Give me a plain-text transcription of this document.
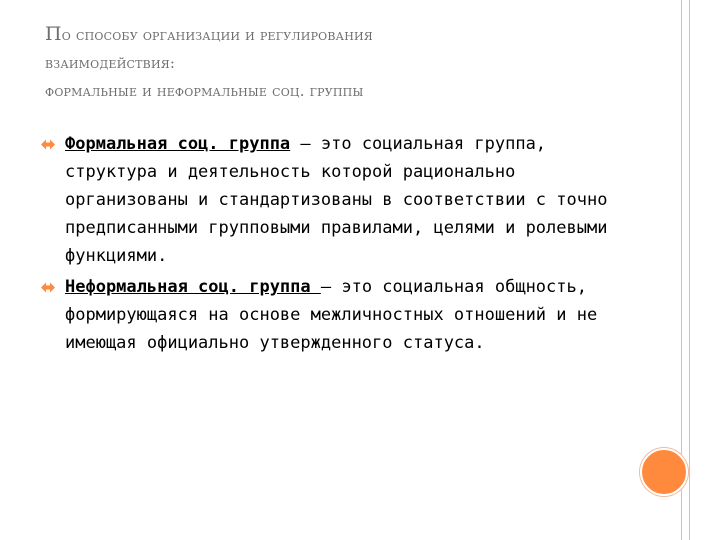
По способу организации и регулирования
взаимодействия:
формальные и неформальные соц. группы
Формальная соц. группа – это социальная группа, структура и деятельность которой рационально организованы и стандартизованы в соответствии с точно предписанными групповыми правилами, целями и ролевыми функциями.
Неформальная соц. группа – это социальная общность, формирующаяся на основе межличностных отношений и не имеющая официально утвержденного статуса.
